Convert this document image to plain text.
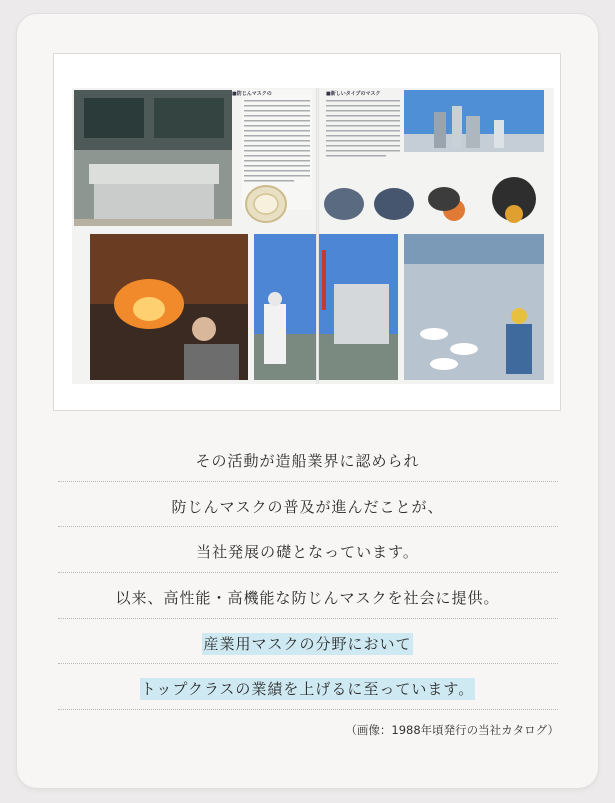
■防じんマスクの	■新しいタイプのマスク
その活動が造船業界に認められ
防じんマスクの普及が進んだことが、
当社発展の礎となっています。
以来、高性能・高機能な防じんマスクを社会に提供。
産業用マスクの分野において
トップクラスの業績を上げるに至っています。
（画像：1988年頃発行の当社カタログ）
